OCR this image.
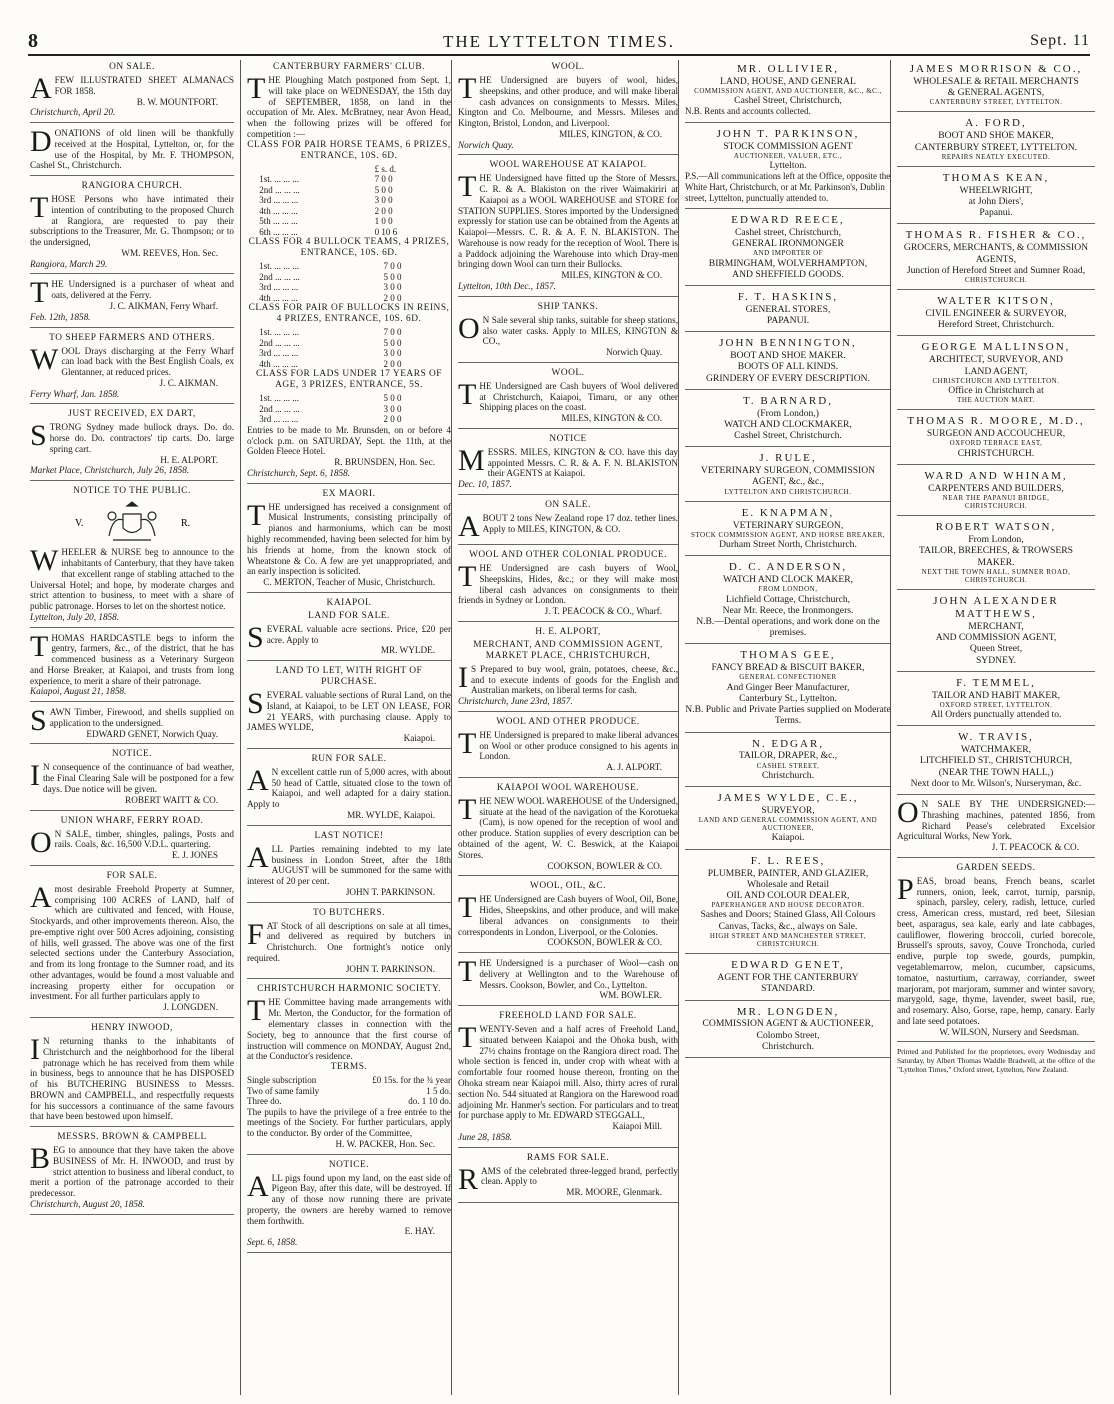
8	THE LYTTELTON TIMES.	Sept. 11
ON SALE.
A FEW ILLUSTRATED SHEET ALMANACS FOR 1858.
B. W. MOUNTFORT.
Christchurch, April 20.
DONATIONS of old linen will be thankfully received at the Hospital, Lyttelton, or, for the use of the Hospital, by Mr. F. THOMPSON, Cashel St., Christchurch.
RANGIORA CHURCH.
THOSE Persons who have intimated their intention of contributing to the proposed Church at Rangiora, are requested to pay their subscriptions to the Treasurer, Mr. G. Thompson; or to the undersigned,
WM. REEVES, Hon. Sec.
Rangiora, March 29.
THE Undersigned is a purchaser of wheat and oats, delivered at the Ferry.
J. C. AIKMAN, Ferry Wharf.
Feb. 12th, 1858.
TO SHEEP FARMERS AND OTHERS.
WOOL Drays discharging at the Ferry Wharf can load back with the Best English Coals, ex Glentanner, at reduced prices.
J. C. AIKMAN.
Ferry Wharf, Jan. 1858.
JUST RECEIVED, EX DART,
STRONG Sydney made bullock drays. Do. do. horse do. Do. contractors' tip carts. Do. large spring cart.
H. E. ALPORT.
Market Place, Christchurch, July 26, 1858.
NOTICE TO THE PUBLIC.
V.	R.
WHEELER & NURSE beg to announce to the inhabitants of Canterbury, that they have taken that excellent range of stabling attached to the Universal Hotel; and hope, by moderate charges and strict attention to business, to meet with a share of public patronage. Horses to let on the shortest notice.
Lyttelton, July 20, 1858.
THOMAS HARDCASTLE begs to inform the gentry, farmers, &c., of the district, that he has commenced business as a Veterinary Surgeon and Horse Breaker, at Kaiapoi, and trusts from long experience, to merit a share of their patronage.
Kaiapoi, August 21, 1858.
SAWN Timber, Firewood, and shells supplied on application to the undersigned.
EDWARD GENET, Norwich Quay.
NOTICE.
I N consequence of the continuance of bad weather, the Final Clearing Sale will be postponed for a few days. Due notice will be given.
ROBERT WAITT & CO.
UNION WHARF, FERRY ROAD.
O N SALE, timber, shingles, palings, Posts and rails. Coals, &c. 16,500 V.D.L. quartering.
E. J. JONES
FOR SALE.
A most desirable Freehold Property at Sumner, comprising 100 ACRES of LAND, half of which are cultivated and fenced, with House, Stockyards, and other improvements thereon. Also, the pre-emptive right over 500 Acres adjoining, consisting of hills, well grassed. The above was one of the first selected sections under the Canterbury Association, and from its long frontage to the Sumner road, and its other advantages, would be found a most valuable and increasing property either for occupation or investment. For all further particulars apply to
J. LONGDEN.
HENRY INWOOD,
I N returning thanks to the inhabitants of Christchurch and the neighborhood for the liberal patronage which he has received from them while in business, begs to announce that he has DISPOSED of his BUTCHERING BUSINESS to Messrs. BROWN and CAMPBELL, and respectfully requests for his successors a continuance of the same favours that have been bestowed upon himself.
MESSRS. BROWN & CAMPBELL
BEG to announce that they have taken the above BUSINESS of Mr. H. INWOOD, and trust by strict attention to business and liberal conduct, to merit a portion of the patronage accorded to their predecessor.
Christchurch, August 20, 1858.
CANTERBURY FARMERS' CLUB.
THE Ploughing Match postponed from Sept. 1, will take place on WEDNESDAY, the 15th day of SEPTEMBER, 1858, on land in the occupation of Mr. Alex. McBratney, near Avon Head, when the following prizes will be offered for competition :—
CLASS FOR PAIR HORSE TEAMS, 6 PRIZES, ENTRANCE, 10S. 6D.
	£ s. d.
1st. ... ... ...	7 0 0
2nd ... ... ...	5 0 0
3rd ... ... ...	3 0 0
4th ... ... ...	2 0 0
5th ... ... ...	1 0 0
6th ... ... ...	0 10 6
CLASS FOR 4 BULLOCK TEAMS, 4 PRIZES, ENTRANCE, 10S. 6D.
1st. ... ... ...	7 0 0
2nd ... ... ...	5 0 0
3rd ... ... ...	3 0 0
4th ... ... ...	2 0 0
CLASS FOR PAIR OF BULLOCKS IN REINS, 4 PRIZES, ENTRANCE, 10S. 6D.
1st. ... ... ...	7 0 0
2nd ... ... ...	5 0 0
3rd ... ... ...	3 0 0
4th ... ... ...	2 0 0
CLASS FOR LADS UNDER 17 YEARS OF AGE, 3 PRIZES, ENTRANCE, 5S.
1st. ... ... ...	5 0 0
2nd ... ... ...	3 0 0
3rd ... ... ...	2 0 0
Entries to be made to Mr. Brunsden, on or before 4 o'clock p.m. on SATURDAY, Sept. the 11th, at the Golden Fleece Hotel.
R. BRUNSDEN, Hon. Sec.
Christchurch, Sept. 6, 1858.
EX MAORI.
THE undersigned has received a consignment of Musical Instruments, consisting principally of pianos and harmoniums, which can be most highly recommended, having been selected for him by his friends at home, from the known stock of Wheatstone & Co. A few are yet unappropriated, and an early inspection is solicited.
C. MERTON, Teacher of Music, Christchurch.
KAIAPOI.
LAND FOR SALE.
SEVERAL valuable acre sections. Price, £20 per acre. Apply to
MR. WYLDE.
LAND TO LET, WITH RIGHT OF PURCHASE.
SEVERAL valuable sections of Rural Land, on the Island, at Kaiapoi, to be LET ON LEASE, FOR 21 YEARS, with purchasing clause. Apply to JAMES WYLDE,
Kaiapoi.
RUN FOR SALE.
A N excellent cattle run of 5,000 acres, with about 50 head of Cattle, situated close to the town of Kaiapoi, and well adapted for a dairy station. Apply to
MR. WYLDE, Kaiapoi.
LAST NOTICE!
ALL Parties remaining indebted to my late business in London Street, after the 18th AUGUST will be summoned for the same with interest of 20 per cent.
JOHN T. PARKINSON.
TO BUTCHERS.
FAT Stock of all descriptions on sale at all times, and delivered as required by butchers in Christchurch. One fortnight's notice only required.
JOHN T. PARKINSON.
CHRISTCHURCH HARMONIC SOCIETY.
THE Committee having made arrangements with Mr. Merton, the Conductor, for the formation of elementary classes in connection with the Society, beg to announce that the first course of instruction will commence on MONDAY, August 2nd, at the Conductor's residence.
TERMS.
Single subscription	£0 15s. for the ¾ year
Two of same family	1 5 do.
Three do.	do. 1 10 do.
The pupils to have the privilege of a free entrée to the meetings of the Society. For further particulars, apply to the conductor. By order of the Committee,
H. W. PACKER, Hon. Sec.
NOTICE.
ALL pigs found upon my land, on the east side of Pigeon Bay, after this date, will be destroyed. If any of those now running there are private property, the owners are hereby warned to remove them forthwith.
E. HAY.
Sept. 6, 1858.
WOOL.
THE Undersigned are buyers of wool, hides, sheepskins, and other produce, and will make liberal cash advances on consignments to Messrs. Miles, Kington and Co. Melbourne, and Messrs. Mileses and Kington, Bristol, London, and Liverpool.
MILES, KINGTON, & CO.
Norwich Quay.
WOOL WAREHOUSE AT KAIAPOI.
THE Undersigned have fitted up the Store of Messrs. C. R. & A. Blakiston on the river Waimakiriri at Kaiapoi as a WOOL WAREHOUSE and STORE for STATION SUPPLIES. Stores imported by the Undersigned expressly for station use can be obtained from the Agents at Kaiapoi—Messrs. C. R. & A. F. N. BLAKISTON. The Warehouse is now ready for the reception of Wool. There is a Paddock adjoining the Warehouse into which Dray-men bringing down Wool can turn their Bullocks.
MILES, KINGTON & CO.
Lyttelton, 10th Dec., 1857.
SHIP TANKS.
O N Sale several ship tanks, suitable for sheep stations, also water casks. Apply to MILES, KINGTON & CO.,
Norwich Quay.
WOOL.
THE Undersigned are Cash buyers of Wool delivered at Christchurch, Kaiapoi, Timaru, or any other Shipping places on the coast.
MILES, KINGTON & CO.
NOTICE
MESSRS. MILES, KINGTON & CO. have this day appointed Messrs. C. R. & A. F. N. BLAKISTON their AGENTS at Kaiapoi.
Dec. 10, 1857.
ON SALE.
ABOUT 2 tons New Zealand rope 17 doz. tether lines. Apply to MILES, KINGTON, & CO.
WOOL AND OTHER COLONIAL PRODUCE.
THE Undersigned are cash buyers of Wool, Sheepskins, Hides, &c.; or they will make most liberal cash advances on consignments to their friends in Sydney or London.
J. T. PEACOCK & CO., Wharf.
H. E. ALPORT,
MERCHANT, AND COMMISSION AGENT, MARKET PLACE, CHRISTCHURCH,
I S Prepared to buy wool, grain, potatoes, cheese, &c., and to execute indents of goods for the English and Australian markets, on liberal terms for cash.
Christchurch, June 23rd, 1857.
WOOL AND OTHER PRODUCE.
THE Undersigned is prepared to make liberal advances on Wool or other produce consigned to his agents in London.
A. J. ALPORT.
KAIAPOI WOOL WAREHOUSE.
THE NEW WOOL WAREHOUSE of the Undersigned, situate at the head of the navigation of the Korotueka (Cam), is now opened for the reception of wool and other produce. Station supplies of every description can be obtained of the agent, W. C. Beswick, at the Kaiapoi Stores.
COOKSON, BOWLER & CO.
WOOL, OIL, &C.
THE Undersigned are Cash buyers of Wool, Oil, Bone, Hides, Sheepskins, and other produce, and will make liberal advances on consignments to their correspondents in London, Liverpool, or the Colonies.
COOKSON, BOWLER & CO.
THE Undersigned is a purchaser of Wool—cash on delivery at Wellington and to the Warehouse of Messrs. Cookson, Bowler, and Co., Lyttelton.
WM. BOWLER.
FREEHOLD LAND FOR SALE.
TWENTY-Seven and a half acres of Freehold Land, situated between Kaiapoi and the Ohoka bush, with 27½ chains frontage on the Rangiora direct road. The whole section is fenced in, under crop with wheat with a comfortable four roomed house thereon, fronting on the Ohoka stream near Kaiapoi mill. Also, thirty acres of rural section No. 544 situated at Rangiora on the Harewood road adjoining Mr. Hanmer's section. For particulars and to treat for purchase apply to Mr. EDWARD STEGGALL,
Kaiapoi Mill.
June 28, 1858.
RAMS FOR SALE.
RAMS of the celebrated three-legged brand, perfectly clean. Apply to
MR. MOORE, Glenmark.
MR. OLLIVIER,
LAND, HOUSE, AND GENERAL
COMMISSION AGENT, AND AUCTIONEER, &C., &C.,
Cashel Street, Christchurch,
N.B. Rents and accounts collected.
JOHN T. PARKINSON,
STOCK COMMISSION AGENT
AUCTIONEER, VALUER, ETC.,
Lyttelton.
P.S.—All communications left at the Office, opposite the White Hart, Christchurch, or at Mr. Parkinson's, Dublin street, Lyttelton, punctually attended to.
EDWARD REECE,
Cashel street, Christchurch,
GENERAL IRONMONGER
AND IMPORTER OF
BIRMINGHAM, WOLVERHAMPTON,
AND SHEFFIELD GOODS.
F. T. HASKINS,
GENERAL STORES,
PAPANUI.
JOHN BENNINGTON,
BOOT AND SHOE MAKER.
BOOTS OF ALL KINDS.
GRINDERY OF EVERY DESCRIPTION.
T. BARNARD,
(From London,)
WATCH AND CLOCKMAKER,
Cashel Street, Christchurch.
J. RULE,
VETERINARY SURGEON, COMMISSION
AGENT, &c., &c.,
LYTTELTON AND CHRISTCHURCH.
E. KNAPMAN,
VETERINARY SURGEON,
STOCK COMMISSION AGENT, AND HORSE BREAKER,
Durham Street North, Christchurch.
D. C. ANDERSON,
WATCH AND CLOCK MAKER,
FROM LONDON,
Lichfield Cottage, Christchurch,
Near Mr. Reece, the Ironmongers.
N.B.—Dental operations, and work done on the premises.
THOMAS GEE,
FANCY BREAD & BISCUIT BAKER,
GENERAL CONFECTIONER
And Ginger Beer Manufacturer,
Canterbury St., Lyttelton.
N.B. Public and Private Parties supplied on Moderate Terms.
N. EDGAR,
TAILOR, DRAPER, &c.,
CASHEL STREET,
Christchurch.
JAMES WYLDE, C.E.,
SURVEYOR,
LAND AND GENERAL COMMISSION AGENT, AND AUCTIONEER,
Kaiapoi.
F. L. REES,
PLUMBER, PAINTER, AND GLAZIER,
Wholesale and Retail
OIL AND COLOUR DEALER,
PAPERHANGER AND HOUSE DECORATOR.
Sashes and Doors; Stained Glass, All Colours
Canvas, Tacks, &c., always on Sale.
HIGH STREET AND MANCHESTER STREET, CHRISTCHURCH.
EDWARD GENET,
AGENT FOR THE CANTERBURY
STANDARD.
MR. LONGDEN,
COMMISSION AGENT & AUCTIONEER,
Colombo Street,
Christchurch.
JAMES MORRISON & CO.,
WHOLESALE & RETAIL MERCHANTS
& GENERAL AGENTS,
CANTERBURY STREET, LYTTELTON.
A. FORD,
BOOT AND SHOE MAKER,
CANTERBURY STREET, LYTTELTON.
REPAIRS NEATLY EXECUTED.
THOMAS KEAN,
WHEELWRIGHT,
at John Diers',
Papanui.
THOMAS R. FISHER & CO.,
GROCERS, MERCHANTS, & COMMISSION AGENTS,
Junction of Hereford Street and Sumner Road,
CHRISTCHURCH.
WALTER KITSON,
CIVIL ENGINEER & SURVEYOR,
Hereford Street, Christchurch.
GEORGE MALLINSON,
ARCHITECT, SURVEYOR, AND
LAND AGENT,
CHRISTCHURCH AND LYTTELTON.
Office in Christchurch at
THE AUCTION MART.
THOMAS R. MOORE, M.D.,
SURGEON AND ACCOUCHEUR,
OXFORD TERRACE EAST,
CHRISTCHURCH.
WARD AND WHINAM,
CARPENTERS AND BUILDERS,
NEAR THE PAPANUI BRIDGE,
CHRISTCHURCH.
ROBERT WATSON,
From London,
TAILOR, BREECHES, & TROWSERS
MAKER.
NEXT THE TOWN HALL, SUMNER ROAD,
CHRISTCHURCH.
JOHN ALEXANDER MATTHEWS,
MERCHANT,
AND COMMISSION AGENT,
Queen Street,
SYDNEY.
F. TEMMEL,
TAILOR AND HABIT MAKER,
OXFORD STREET, LYTTELTON.
All Orders punctually attended to.
W. TRAVIS,
WATCHMAKER,
LITCHFIELD ST., CHRISTCHURCH,
(NEAR THE TOWN HALL,)
Next door to Mr. Wilson's, Nurseryman, &c.
O N SALE BY THE UNDERSIGNED:— Thrashing machines, patented 1856, from Richard Pease's celebrated Excelsior Agricultural Works, New York.
J. T. PEACOCK & CO.
GARDEN SEEDS.
PEAS, broad beans, French beans, scarlet runners, onion, leek, carrot, turnip, parsnip, spinach, parsley, celery, radish, lettuce, curled cress, American cress, mustard, red beet, Silesian beet, asparagus, sea kale, early and late cabbages, cauliflower, flowering broccoli, curled borecole, Brussell's sprouts, savoy, Couve Tronchoda, curled endive, purple top swede, gourds, pumpkin, vegetablemarrow, melon, cucumber, capsicums, tomatoe, nasturtium, carraway, corriander, sweet marjoram, pot marjoram, summer and winter savory, marygold, sage, thyme, lavender, sweet basil, rue, and rosemary. Also, Gorse, rape, hemp, canary. Early and late seed potatoes.
W. WILSON, Nursery and Seedsman.
Printed and Published for the proprietors, every Wednesday and Saturday, by Albert Thomas Waddle Bradwell, at the office of the "Lyttelton Times," Oxford street, Lyttelton, New Zealand.
